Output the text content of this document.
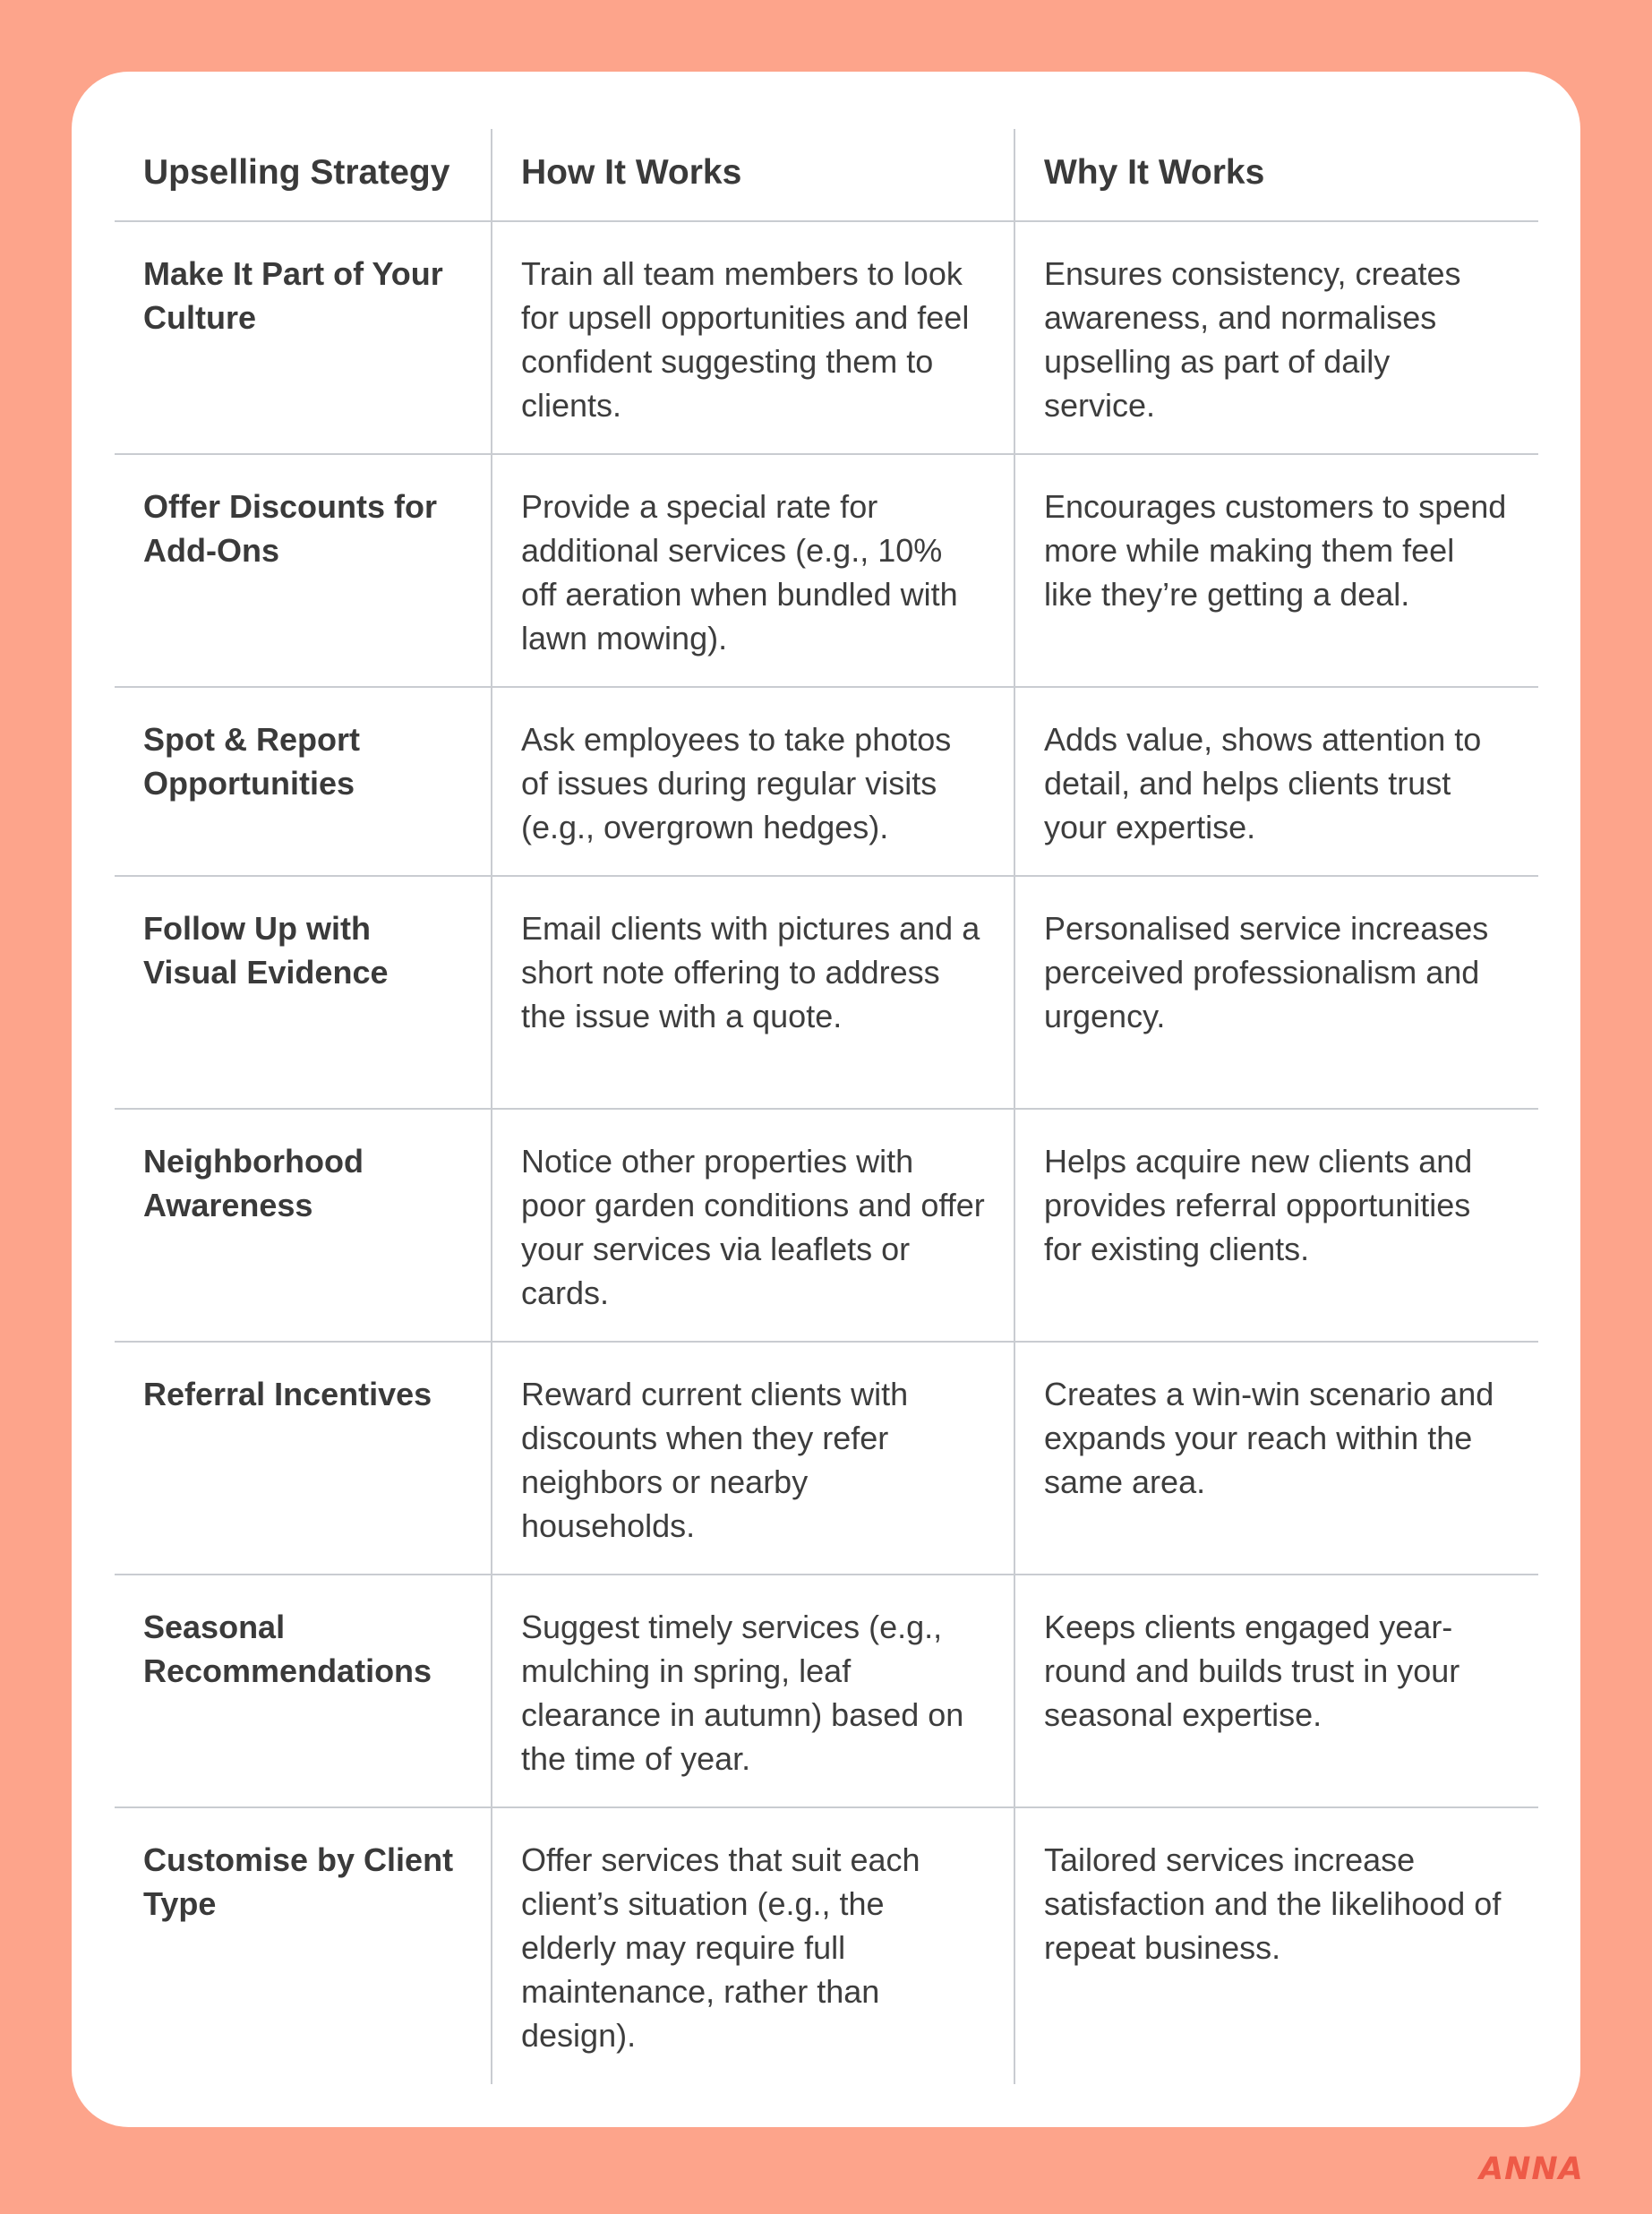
Upselling Strategy	How It Works	Why It Works
Make It Part of Your Culture	Train all team members to look for upsell opportunities and feel confident suggesting them to clients.	Ensures consistency, creates awareness, and normalises upselling as part of daily service.
Offer Discounts for Add-Ons	Provide a special rate for additional services (e.g., 10% off aeration when bundled with lawn mowing).	Encourages customers to spend more while making them feel like they’re getting a deal.
Spot & Report Opportunities	Ask employees to take photos of issues during regular visits (e.g., overgrown hedges).	Adds value, shows attention to detail, and helps clients trust your expertise.
Follow Up with Visual Evidence	Email clients with pictures and a short note offering to address the issue with a quote.	Personalised service increases perceived professionalism and urgency.
Neighborhood Awareness	Notice other properties with poor garden conditions and offer your services via leaflets or cards.	Helps acquire new clients and provides referral opportunities for existing clients.
Referral Incentives	Reward current clients with discounts when they refer neighbors or nearby households.	Creates a win-win scenario and expands your reach within the same area.
Seasonal Recommendations	Suggest timely services (e.g., mulching in spring, leaf clearance in autumn) based on the time of year.	Keeps clients engaged year-round and builds trust in your seasonal expertise.
Customise by Client Type	Offer services that suit each client’s situation (e.g., the elderly may require full maintenance, rather than design).	Tailored services increase satisfaction and the likelihood of repeat business.
ANNA
